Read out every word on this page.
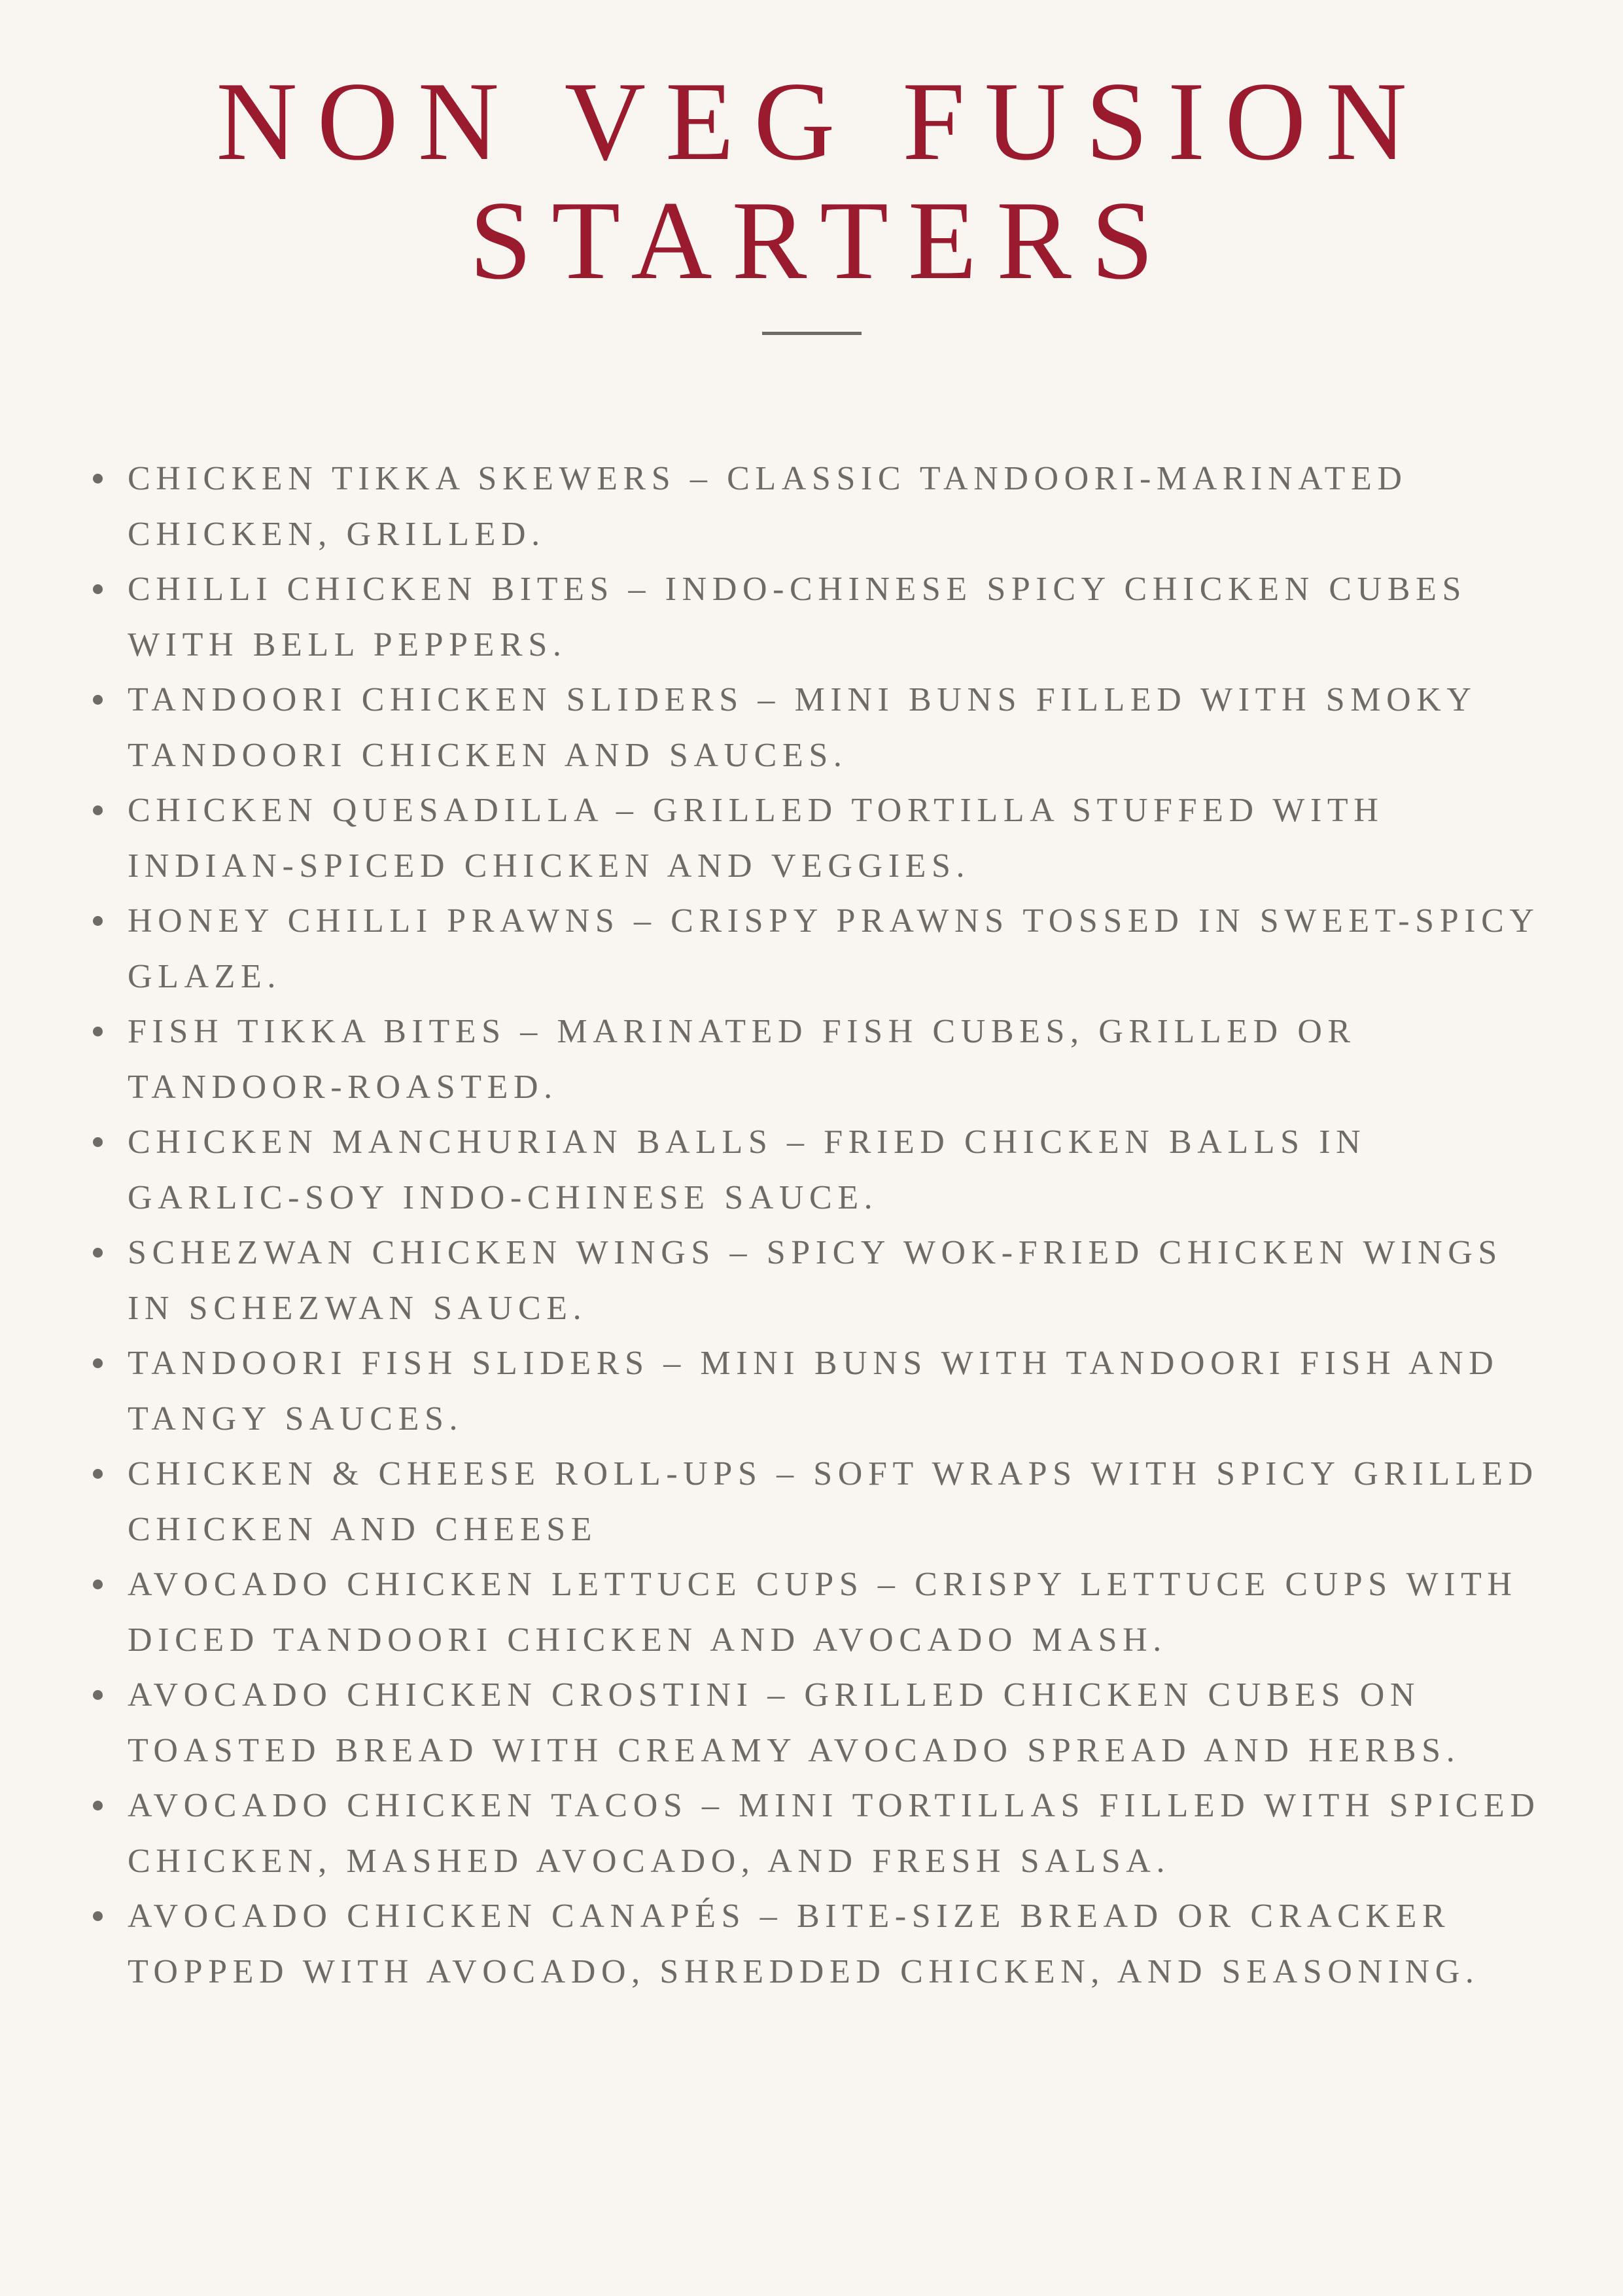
NON VEG FUSION
STARTERS
CHICKEN TIKKA SKEWERS – CLASSIC TANDOORI-MARINATED CHICKEN, GRILLED.
CHILLI CHICKEN BITES – INDO-CHINESE SPICY CHICKEN CUBES WITH BELL PEPPERS.
TANDOORI CHICKEN SLIDERS – MINI BUNS FILLED WITH SMOKY TANDOORI CHICKEN AND SAUCES.
CHICKEN QUESADILLA – GRILLED TORTILLA STUFFED WITH INDIAN-SPICED CHICKEN AND VEGGIES.
HONEY CHILLI PRAWNS – CRISPY PRAWNS TOSSED IN SWEET-SPICY GLAZE.
FISH TIKKA BITES – MARINATED FISH CUBES, GRILLED OR TANDOOR-ROASTED.
CHICKEN MANCHURIAN BALLS – FRIED CHICKEN BALLS IN GARLIC-SOY INDO-CHINESE SAUCE.
SCHEZWAN CHICKEN WINGS – SPICY WOK-FRIED CHICKEN WINGS IN SCHEZWAN SAUCE.
TANDOORI FISH SLIDERS – MINI BUNS WITH TANDOORI FISH AND TANGY SAUCES.
CHICKEN & CHEESE ROLL-UPS – SOFT WRAPS WITH SPICY GRILLED CHICKEN AND CHEESE
AVOCADO CHICKEN LETTUCE CUPS – CRISPY LETTUCE CUPS WITH DICED TANDOORI CHICKEN AND AVOCADO MASH.
AVOCADO CHICKEN CROSTINI – GRILLED CHICKEN CUBES ON TOASTED BREAD WITH CREAMY AVOCADO SPREAD AND HERBS.
AVOCADO CHICKEN TACOS – MINI TORTILLAS FILLED WITH SPICED CHICKEN, MASHED AVOCADO, AND FRESH SALSA.
AVOCADO CHICKEN CANAPÉS – BITE-SIZE BREAD OR CRACKER TOPPED WITH AVOCADO, SHREDDED CHICKEN, AND SEASONING.
